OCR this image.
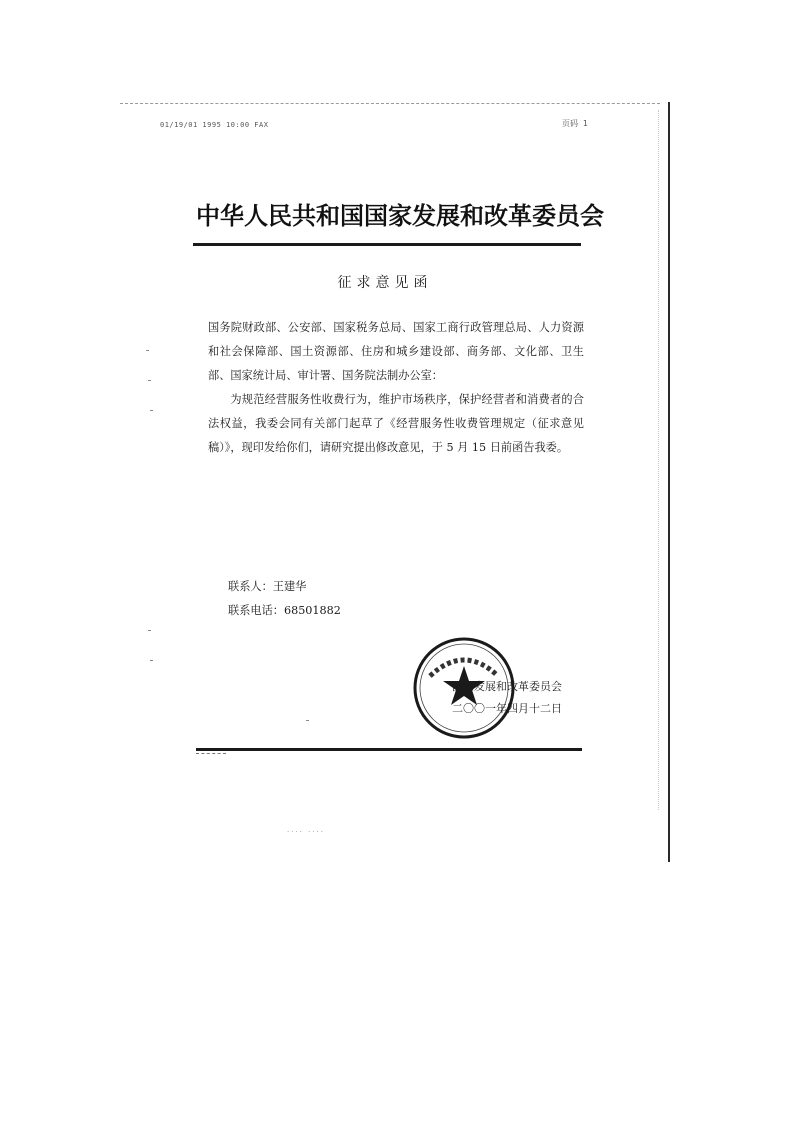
01/19/01 1995 10:00 FAX	页码 1
中华人民共和国国家发展和改革委员会
征求意见函

国务院财政部、公安部、国家税务总局、国家工商行政管理总局、人力资源和社会保障部、国土资源部、住房和城乡建设部、商务部、文化部、卫生部、国家统计局、审计署、国务院法制办公室：

为规范经营服务性收费行为，维护市场秩序，保护经营者和消费者的合法权益，我委会同有关部门起草了《经营服务性收费管理规定（征求意见稿）》，现印发给你们，请研究提出修改意见，于 5 月 15 日前函告我委。

联系人：王建华
联系电话：68501882
国家发展和改革委员会
二〇〇一年四月十二日
.... ....
